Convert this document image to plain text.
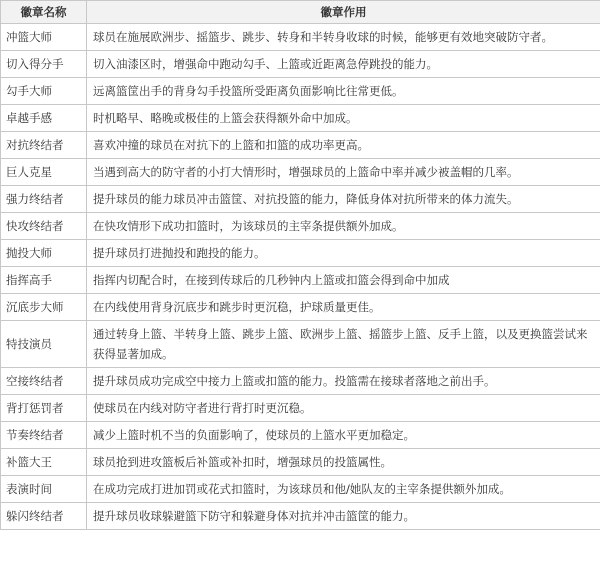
徽章名称	徽章作用
冲篮大师	球员在施展欧洲步、摇篮步、跳步、转身和半转身收球的时候，能够更有效地突破防守者。
切入得分手	切入油漆区时，增强命中跑动勾手、上篮或近距离急停跳投的能力。
勾手大师	远离篮筐出手的背身勾手投篮所受距离负面影响比往常更低。
卓越手感	时机略早、略晚或极佳的上篮会获得额外命中加成。
对抗终结者	喜欢冲撞的球员在对抗下的上篮和扣篮的成功率更高。
巨人克星	当遇到高大的防守者的小打大情形时，增强球员的上篮命中率并减少被盖帽的几率。
强力终结者	提升球员的能力球员冲击篮筐、对抗投篮的能力，降低身体对抗所带来的体力流失。
快攻终结者	在快攻情形下成功扣篮时，为该球员的主宰条提供额外加成。
抛投大师	提升球员打进抛投和跑投的能力。
指挥高手	指挥内切配合时，在接到传球后的几秒钟内上篮或扣篮会得到命中加成
沉底步大师	在内线使用背身沉底步和跳步时更沉稳，护球质量更佳。
特技演员	通过转身上篮、半转身上篮、跳步上篮、欧洲步上篮、摇篮步上篮、反手上篮，以及更换篮尝试来获得显著加成。
空接终结者	提升球员成功完成空中接力上篮或扣篮的能力。投篮需在接球者落地之前出手。
背打惩罚者	使球员在内线对防守者进行背打时更沉稳。
节奏终结者	减少上篮时机不当的负面影响了，使球员的上篮水平更加稳定。
补篮大王	球员抢到进攻篮板后补篮或补扣时，增强球员的投篮属性。
表演时间	在成功完成打进加罚或花式扣篮时，为该球员和他/她队友的主宰条提供额外加成。
躲闪终结者	提升球员收球躲避篮下防守和躲避身体对抗并冲击篮筐的能力。
